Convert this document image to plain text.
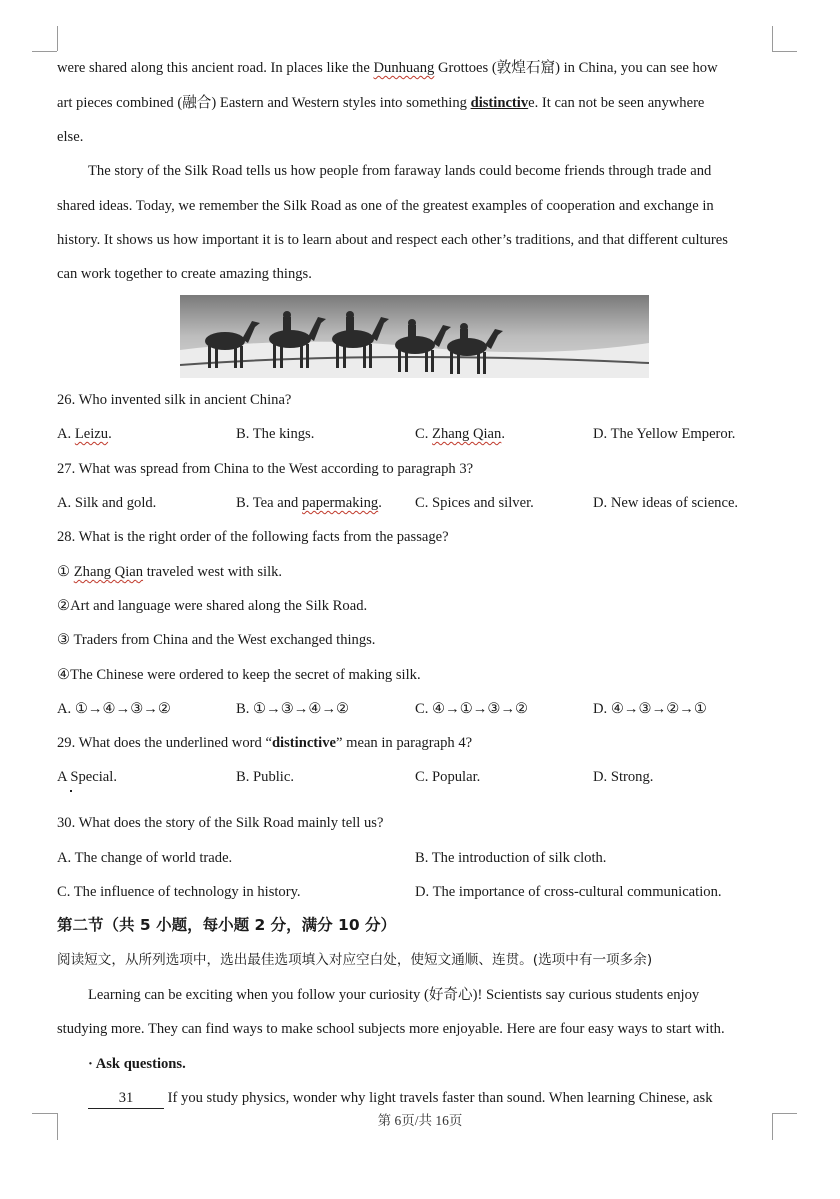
were shared along this ancient road. In places like the Dunhuang Grottoes (敦煌石窟) in China, you can see how
art pieces combined (融合) Eastern and Western styles into something distinctive. It can not be seen anywhere
else.
The story of the Silk Road tells us how people from faraway lands could become friends through trade and
shared ideas. Today, we remember the Silk Road as one of the greatest examples of cooperation and exchange in
history. It shows us how important it is to learn about and respect each other’s traditions, and that different cultures
can work together to create amazing things.
26. Who invented silk in ancient China?
A. Leizu.	B. The kings.	C. Zhang Qian.	D. The Yellow Emperor.
27. What was spread from China to the West according to paragraph 3?
A. Silk and gold.	B. Tea and papermaking. C. Spices and silver.	D. New ideas of science.
28. What is the right order of the following facts from the passage?
① Zhang Qian traveled west with silk.
②Art and language were shared along the Silk Road.
③ Traders from China and the West exchanged things.
④The Chinese were ordered to keep the secret of making silk.
A. ①→④→③→②	B. ①→③→④→②	C. ④→①→③→②	D. ④→③→②→①
29. What does the underlined word “distinctive” mean in paragraph 4?
A Special.	B. Public.	C. Popular.	D. Strong.
30. What does the story of the Silk Road mainly tell us?
A. The change of world trade.	B. The introduction of silk cloth.
C. The influence of technology in history.	D. The importance of cross-cultural communication.
第二节（共 5 小题，每小题 2 分，满分 10 分）
阅读短文，从所列选项中，选出最佳选项填入对应空白处，使短文通顺、连贯。(选项中有一项多余)
Learning can be exciting when you follow your curiosity (好奇心)! Scientists say curious students enjoy
studying more. They can find ways to make school subjects more enjoyable. Here are four easy ways to start with.
· Ask questions.
31 If you study physics, wonder why light travels faster than sound. When learning Chinese, ask
第 6页/共 16页
